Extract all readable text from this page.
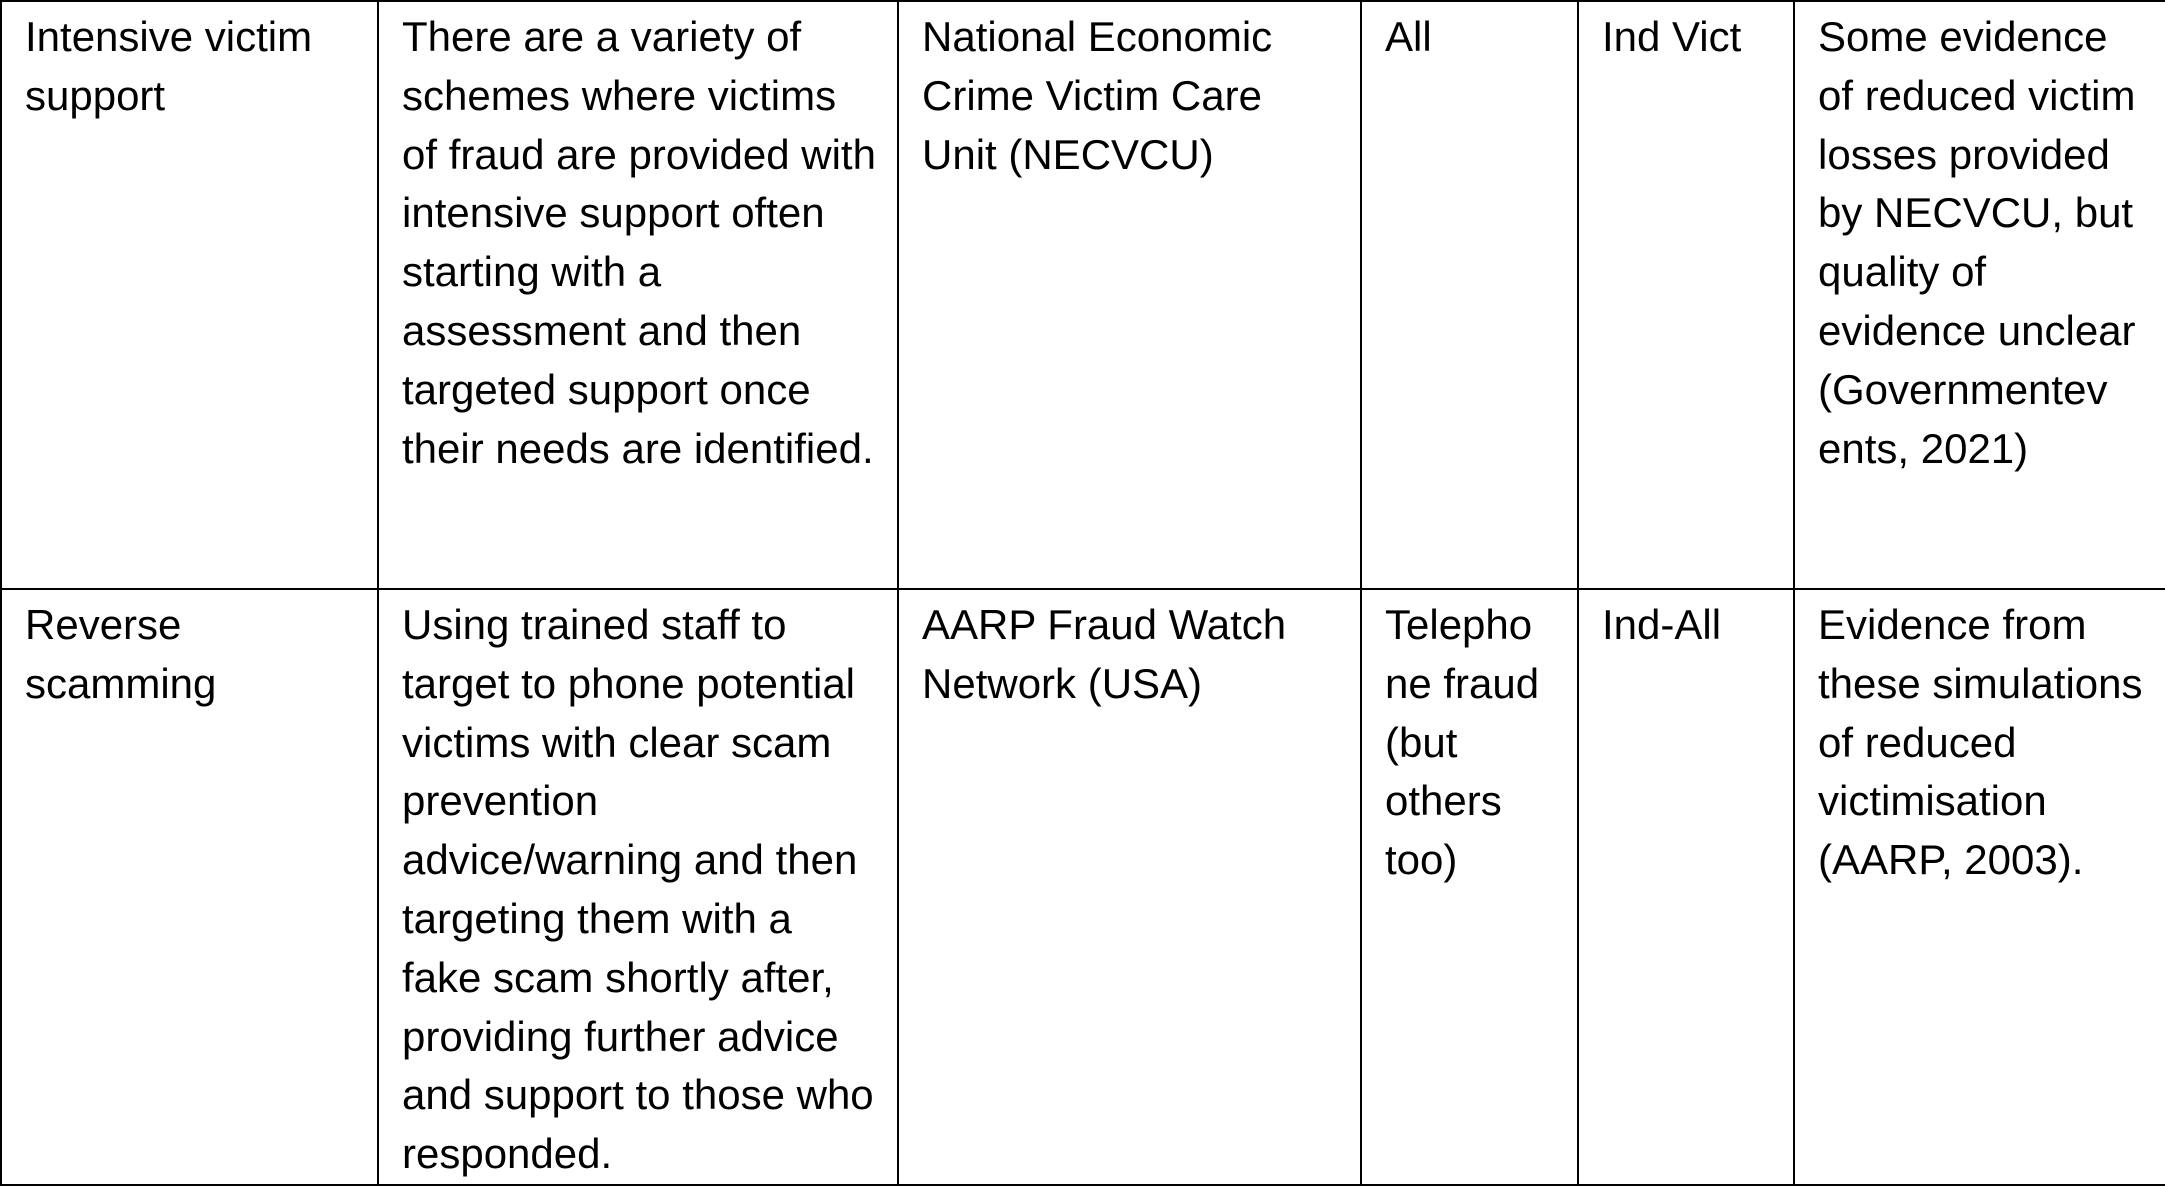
Intensive victim support	There are a variety of schemes where victims of fraud are provided with intensive support often starting with a assessment and then targeted support once their needs are identified.	National Economic Crime Victim Care Unit (NECVCU)	All	Ind Vict	Some evidence of reduced victim losses provided by NECVCU, but quality of evidence unclear (Governmentev ents, 2021)

Reverse scamming	Using trained staff to target to phone potential victims with clear scam prevention advice/warning and then targeting them with a fake scam shortly after, providing further advice and support to those who responded.	AARP Fraud Watch Network (USA)	Telepho ne fraud (but others too)	Ind-All	Evidence from these simulations of reduced victimisation (AARP, 2003).
